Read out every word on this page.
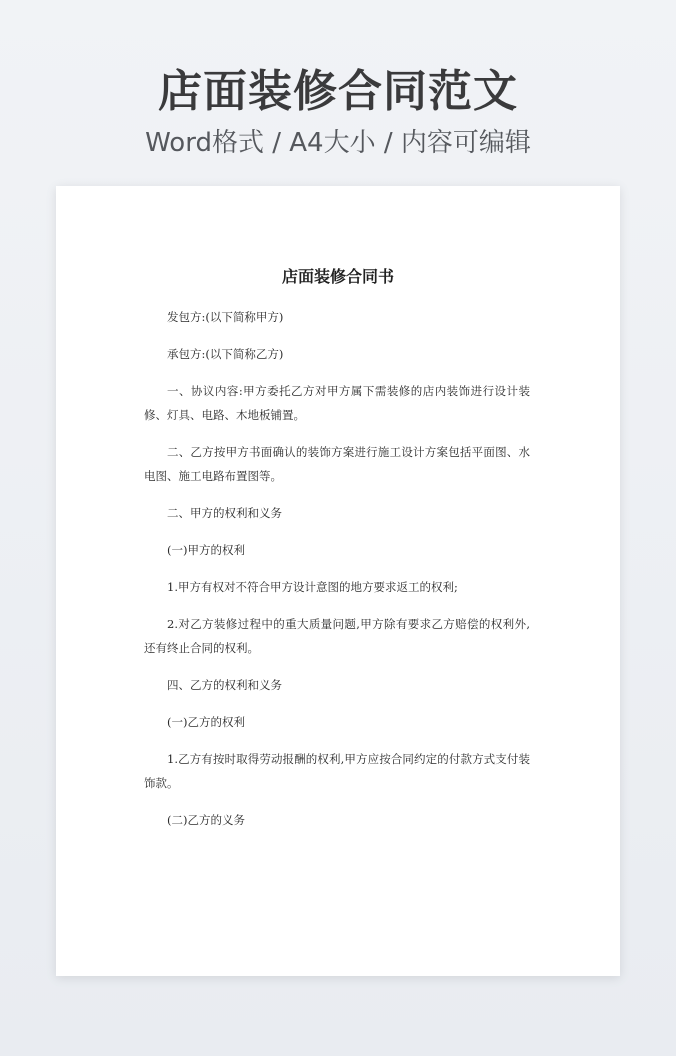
店面装修合同范文
Word格式 / A4大小 / 内容可编辑
店面装修合同书

发包方:(以下简称甲方)

承包方:(以下简称乙方)

一、协议内容:甲方委托乙方对甲方属下需装修的店内装饰进行设计装修、灯具、电路、木地板铺置。

二、乙方按甲方书面确认的装饰方案进行施工设计方案包括平面图、水电图、施工电路布置图等。

二、甲方的权利和义务

(一)甲方的权利

1.甲方有权对不符合甲方设计意图的地方要求返工的权利;

2.对乙方装修过程中的重大质量问题,甲方除有要求乙方赔偿的权利外,还有终止合同的权利。

四、乙方的权利和义务

(一)乙方的权利

1.乙方有按时取得劳动报酬的权利,甲方应按合同约定的付款方式支付装饰款。

(二)乙方的义务
